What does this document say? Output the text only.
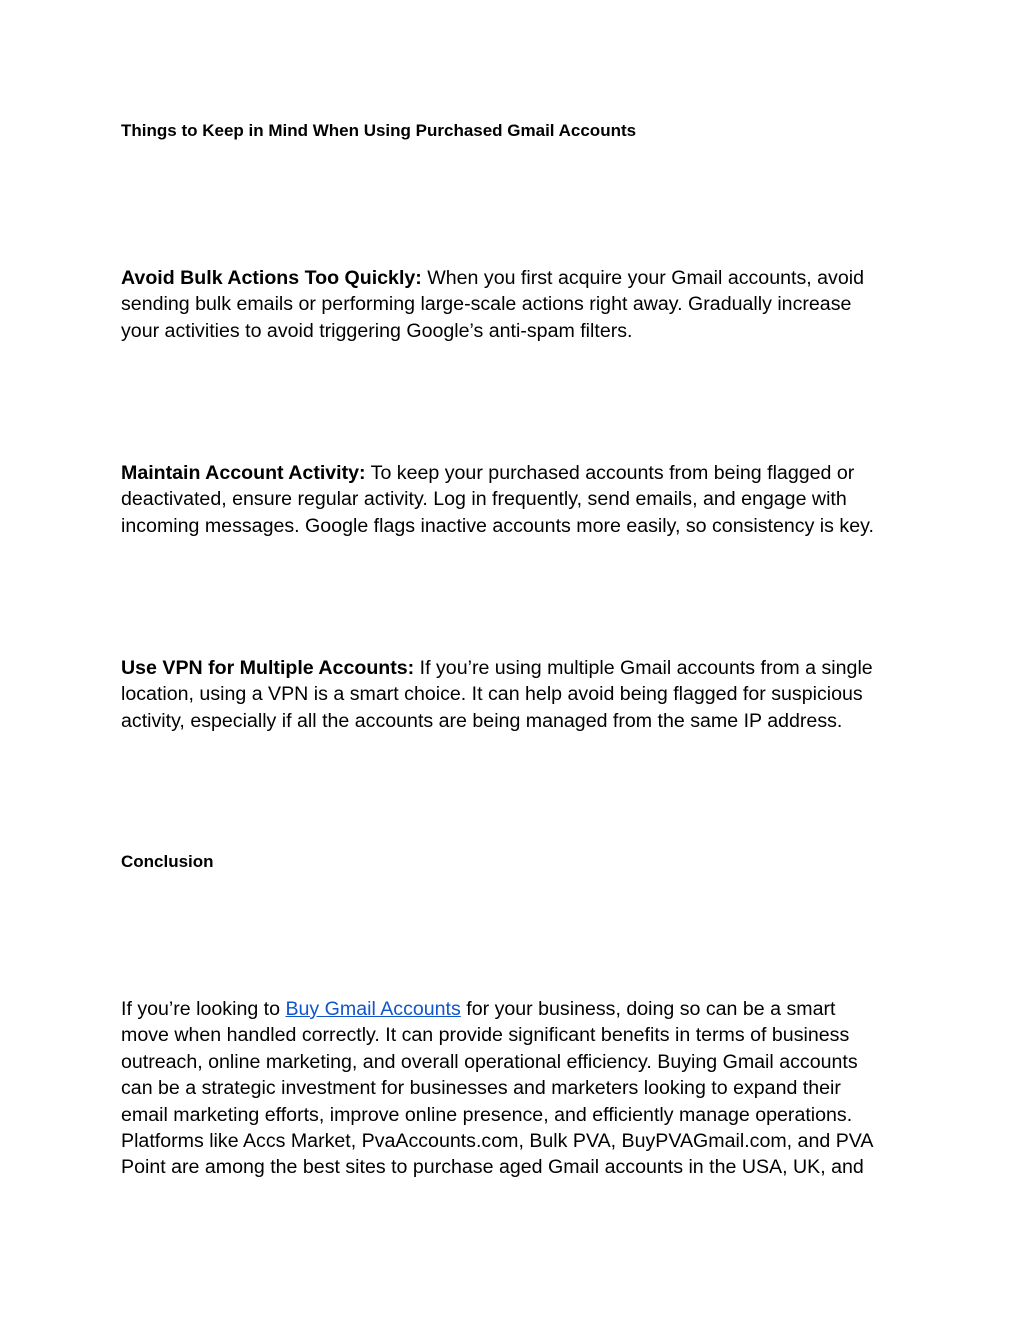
Things to Keep in Mind When Using Purchased Gmail Accounts

Avoid Bulk Actions Too Quickly: When you first acquire your Gmail accounts, avoid
sending bulk emails or performing large-scale actions right away. Gradually increase
your activities to avoid triggering Google’s anti-spam filters.

Maintain Account Activity: To keep your purchased accounts from being flagged or
deactivated, ensure regular activity. Log in frequently, send emails, and engage with
incoming messages. Google flags inactive accounts more easily, so consistency is key.

Use VPN for Multiple Accounts: If you’re using multiple Gmail accounts from a single
location, using a VPN is a smart choice. It can help avoid being flagged for suspicious
activity, especially if all the accounts are being managed from the same IP address.

Conclusion

If you’re looking to Buy Gmail Accounts for your business, doing so can be a smart
move when handled correctly. It can provide significant benefits in terms of business
outreach, online marketing, and overall operational efficiency. Buying Gmail accounts
can be a strategic investment for businesses and marketers looking to expand their
email marketing efforts, improve online presence, and efficiently manage operations.
Platforms like Accs Market, PvaAccounts.com, Bulk PVA, BuyPVAGmail.com, and PVA
Point are among the best sites to purchase aged Gmail accounts in the USA, UK, and
